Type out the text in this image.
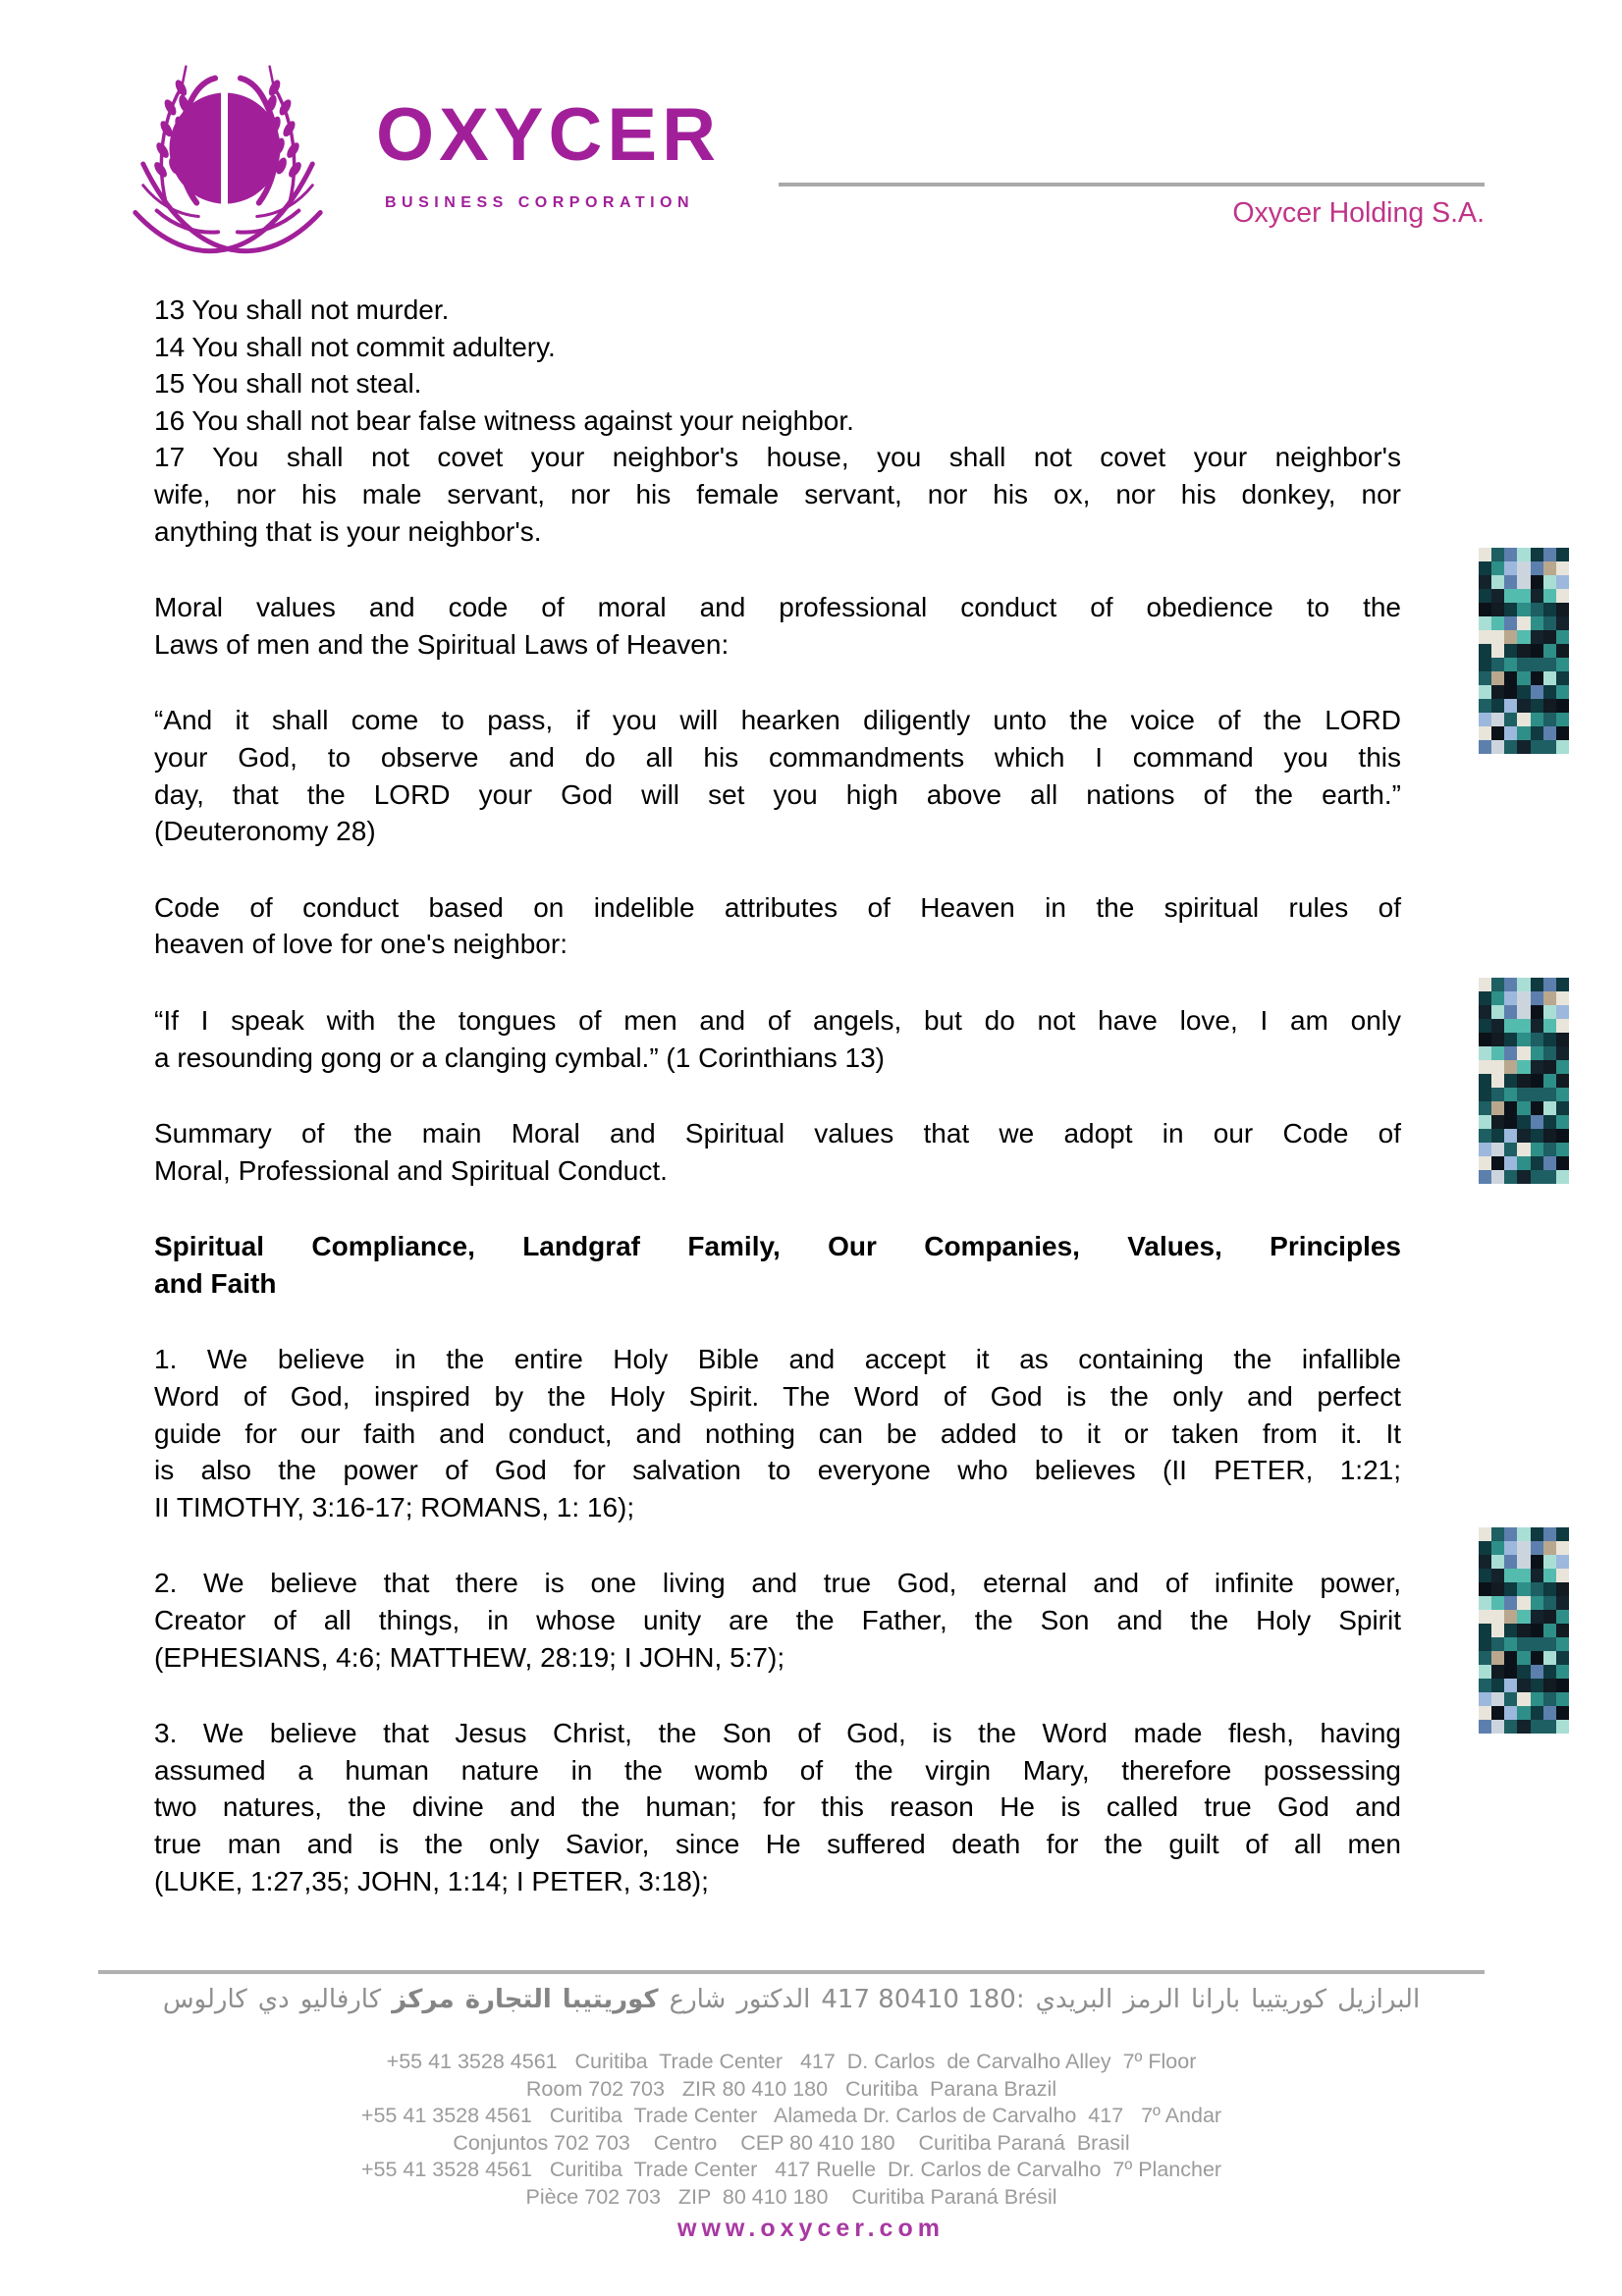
OXYCER
BUSINESS CORPORATION	Oxycer Holding S.A.
13 You shall not murder.
14 You shall not commit adultery.
15 You shall not steal.
16 You shall not bear false witness against your neighbor.
17 You shall not covet your neighbor's house, you shall not covet your neighbor's
wife, nor his male servant, nor his female servant, nor his ox, nor his donkey, nor
anything that is your neighbor's.
Moral values and code of moral and professional conduct of obedience to the
Laws of men and the Spiritual Laws of Heaven:
“And it shall come to pass, if you will hearken diligently unto the voice of the LORD
your God, to observe and do all his commandments which I command you this
day, that the LORD your God will set you high above all nations of the earth.”
(Deuteronomy 28)
Code of conduct based on indelible attributes of Heaven in the spiritual rules of
heaven of love for one's neighbor:
“If I speak with the tongues of men and of angels, but do not have love, I am only
a resounding gong or a clanging cymbal.” (1 Corinthians 13)
Summary of the main Moral and Spiritual values that we adopt in our Code of
Moral, Professional and Spiritual Conduct.
Spiritual Compliance, Landgraf Family, Our Companies, Values, Principles
and Faith
1. We believe in the entire Holy Bible and accept it as containing the infallible
Word of God, inspired by the Holy Spirit. The Word of God is the only and perfect
guide for our faith and conduct, and nothing can be added to it or taken from it. It
is also the power of God for salvation to everyone who believes (II PETER, 1:21;
II TIMOTHY, 3:16-17; ROMANS, 1: 16);
2. We believe that there is one living and true God, eternal and of infinite power,
Creator of all things, in whose unity are the Father, the Son and the Holy Spirit
(EPHESIANS, 4:6; MATTHEW, 28:19; I JOHN, 5:7);
3. We believe that Jesus Christ, the Son of God, is the Word made flesh, having
assumed a human nature in the womb of the virgin Mary, therefore possessing
two natures, the divine and the human; for this reason He is called true God and
true man and is the only Savior, since He suffered death for the guilt of all men
(LUKE, 1:27,35; JOHN, 1:14; I PETER, 3:18);
كارلوس دي كارفاليو مركز التجارة كوريتيبا شارع الدكتور 417 80410 180: البريدي الرمز بارانا كوريتيبا البرازيل
+55 41 3528 4561   Curitiba  Trade Center   417  D. Carlos  de Carvalho Alley  7º Floor
Room 702 703   ZIR 80 410 180   Curitiba  Parana Brazil
+55 41 3528 4561   Curitiba  Trade Center   Alameda Dr. Carlos de Carvalho  417   7º Andar
Conjuntos 702 703    Centro    CEP 80 410 180    Curitiba Paraná  Brasil
+55 41 3528 4561   Curitiba  Trade Center   417 Ruelle  Dr. Carlos de Carvalho  7º Plancher
Pièce 702 703   ZIP  80 410 180    Curitiba Paraná Brésil
www.oxycer.com
